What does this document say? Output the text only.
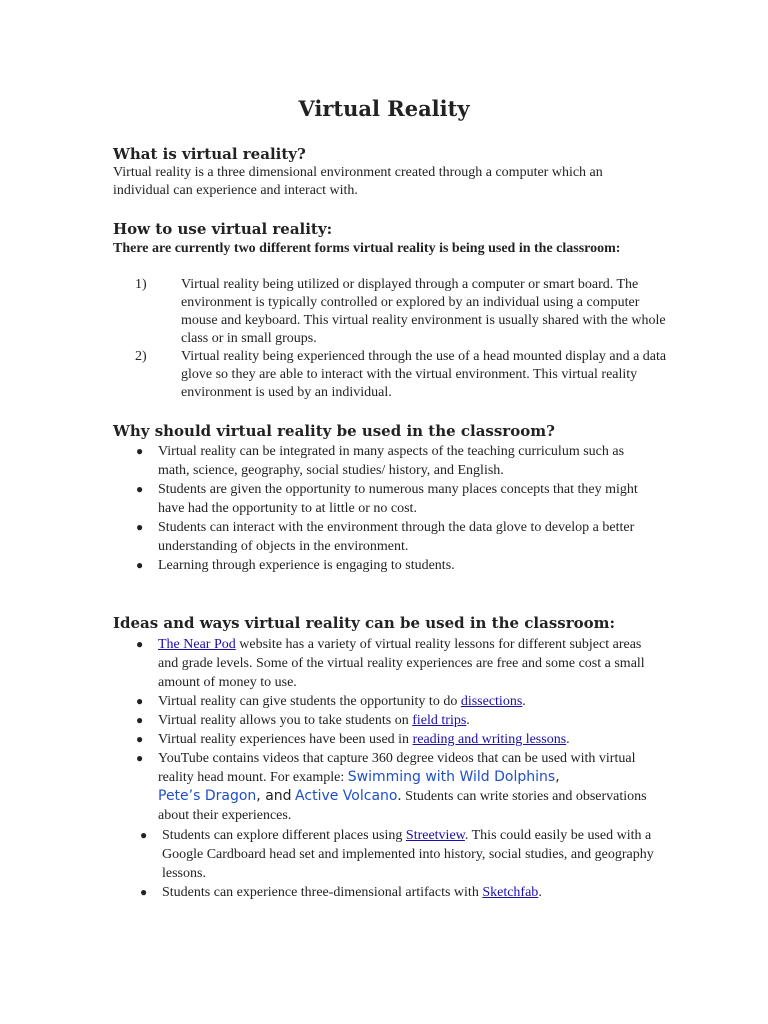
Virtual Reality
What is virtual reality?

Virtual reality is a three dimensional environment created through a computer which an individual can experience and interact with.

How to use virtual reality:

There are currently two different forms virtual reality is being used in the classroom:

1) Virtual reality being utilized or displayed through a computer or smart board. The environment is typically controlled or explored by an individual using a computer mouse and keyboard. This virtual reality environment is usually shared with the whole class or in small groups.
2) Virtual reality being experienced through the use of a head mounted display and a data glove so they are able to interact with the virtual environment. This virtual reality environment is used by an individual.
Why should virtual reality be used in the classroom?
● Virtual reality can be integrated in many aspects of the teaching curriculum such as math, science, geography, social studies/ history, and English.
● Students are given the opportunity to numerous many places concepts that they might have had the opportunity to at little or no cost.
● Students can interact with the environment through the data glove to develop a better understanding of objects in the environment.
● Learning through experience is engaging to students.
Ideas and ways virtual reality can be used in the classroom:
● The Near Pod website has a variety of virtual reality lessons for different subject areas and grade levels. Some of the virtual reality experiences are free and some cost a small amount of money to use.
● Virtual reality can give students the opportunity to do dissections.
● Virtual reality allows you to take students on field trips.
● Virtual reality experiences have been used in reading and writing lessons.
● YouTube contains videos that capture 360 degree videos that can be used with virtual reality head mount. For example: Swimming with Wild Dolphins,
Pete’s Dragon, and Active Volcano. Students can write stories and observations about their experiences.
● Students can explore different places using Streetview. This could easily be used with a Google Cardboard head set and implemented into history, social studies, and geography lessons.
● Students can experience three-dimensional artifacts with Sketchfab.
